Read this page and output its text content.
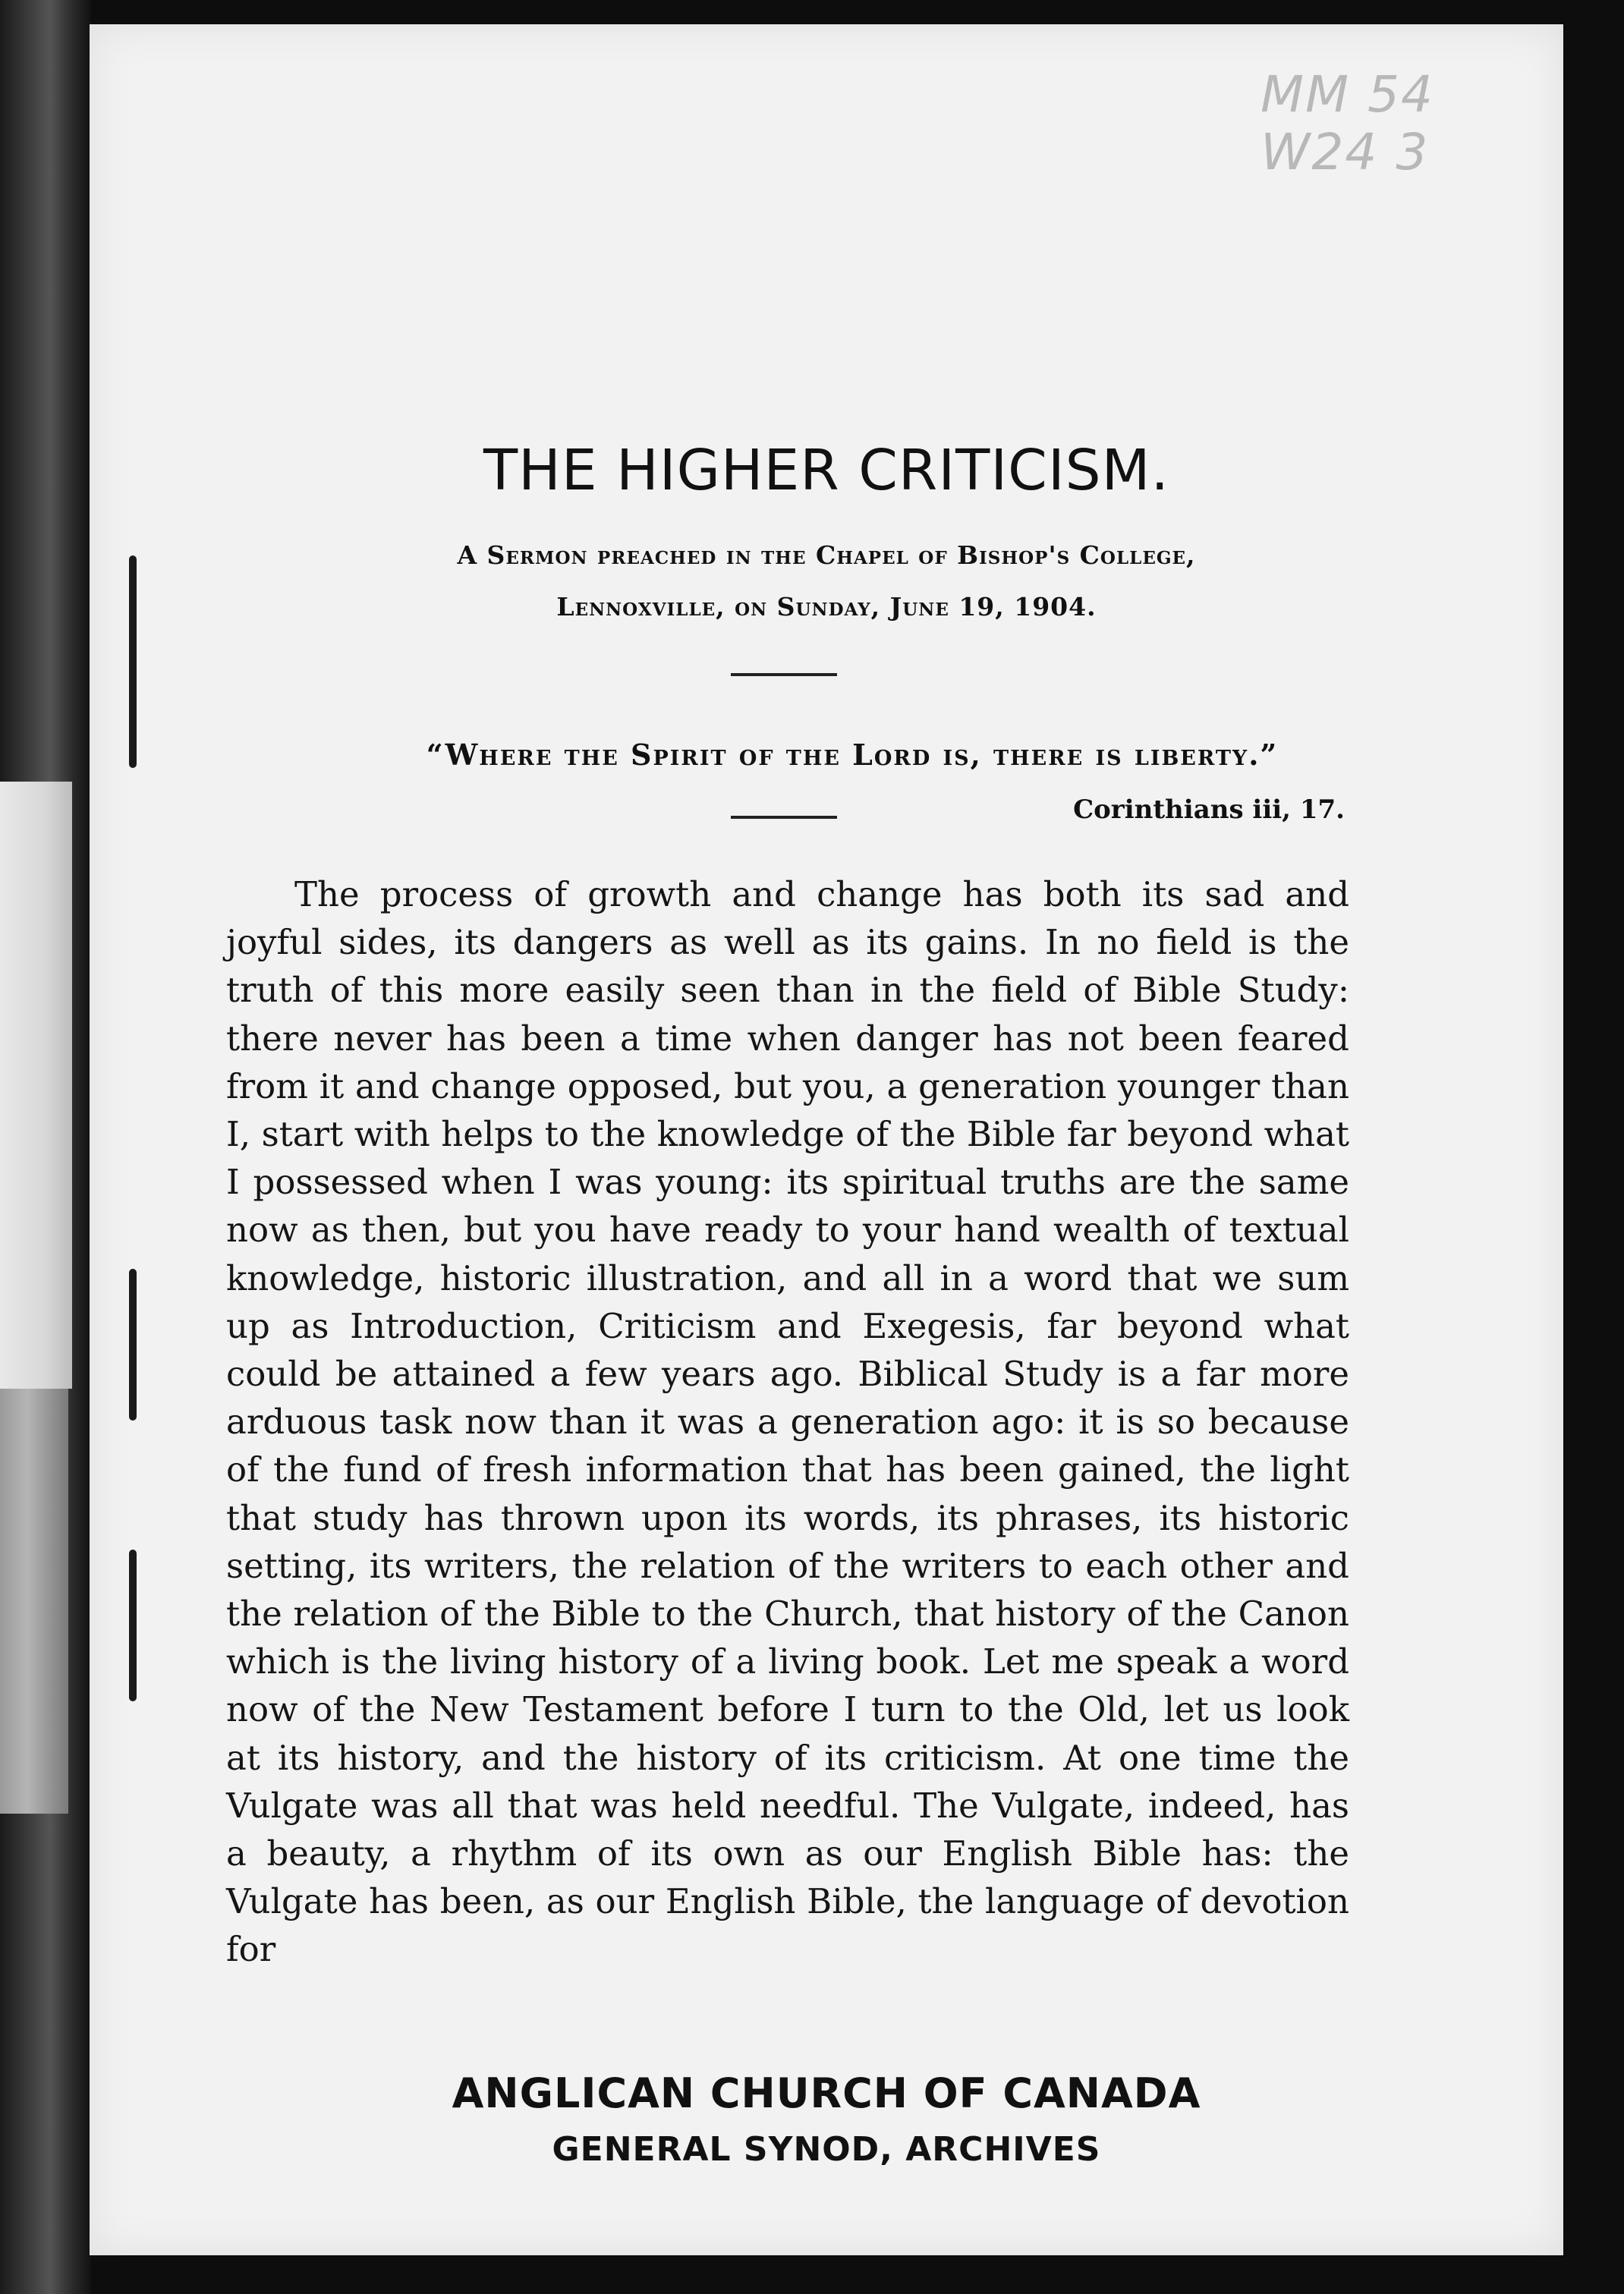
MM 54
W24 3
THE HIGHER CRITICISM.
A Sermon preached in the Chapel of Bishop's College,
Lennoxville, on Sunday, June 19, 1904.
“Where the Spirit of the Lord is, there is liberty.”
Corinthians iii, 17.

The process of growth and change has both its sad and joyful sides, its dangers as well as its gains. In no field is the truth of this more easily seen than in the field of Bible Study: there never has been a time when danger has not been feared from it and change opposed, but you, a generation younger than I, start with helps to the knowledge of the Bible far beyond what I possessed when I was young: its spiritual truths are the same now as then, but you have ready to your hand wealth of textual knowledge, historic illustration, and all in a word that we sum up as Introduction, Criticism and Exegesis, far beyond what could be attained a few years ago. Biblical Study is a far more arduous task now than it was a generation ago: it is so because of the fund of fresh information that has been gained, the light that study has thrown upon its words, its phrases, its historic setting, its writers, the relation of the writers to each other and the relation of the Bible to the Church, that history of the Canon which is the living history of a living book. Let me speak a word now of the New Testament before I turn to the Old, let us look at its history, and the history of its criticism. At one time the Vulgate was all that was held needful. The Vulgate, indeed, has a beauty, a rhythm of its own as our English Bible has: the Vulgate has been, as our English Bible, the language of devotion for

ANGLICAN CHURCH OF CANADA
GENERAL SYNOD, ARCHIVES
